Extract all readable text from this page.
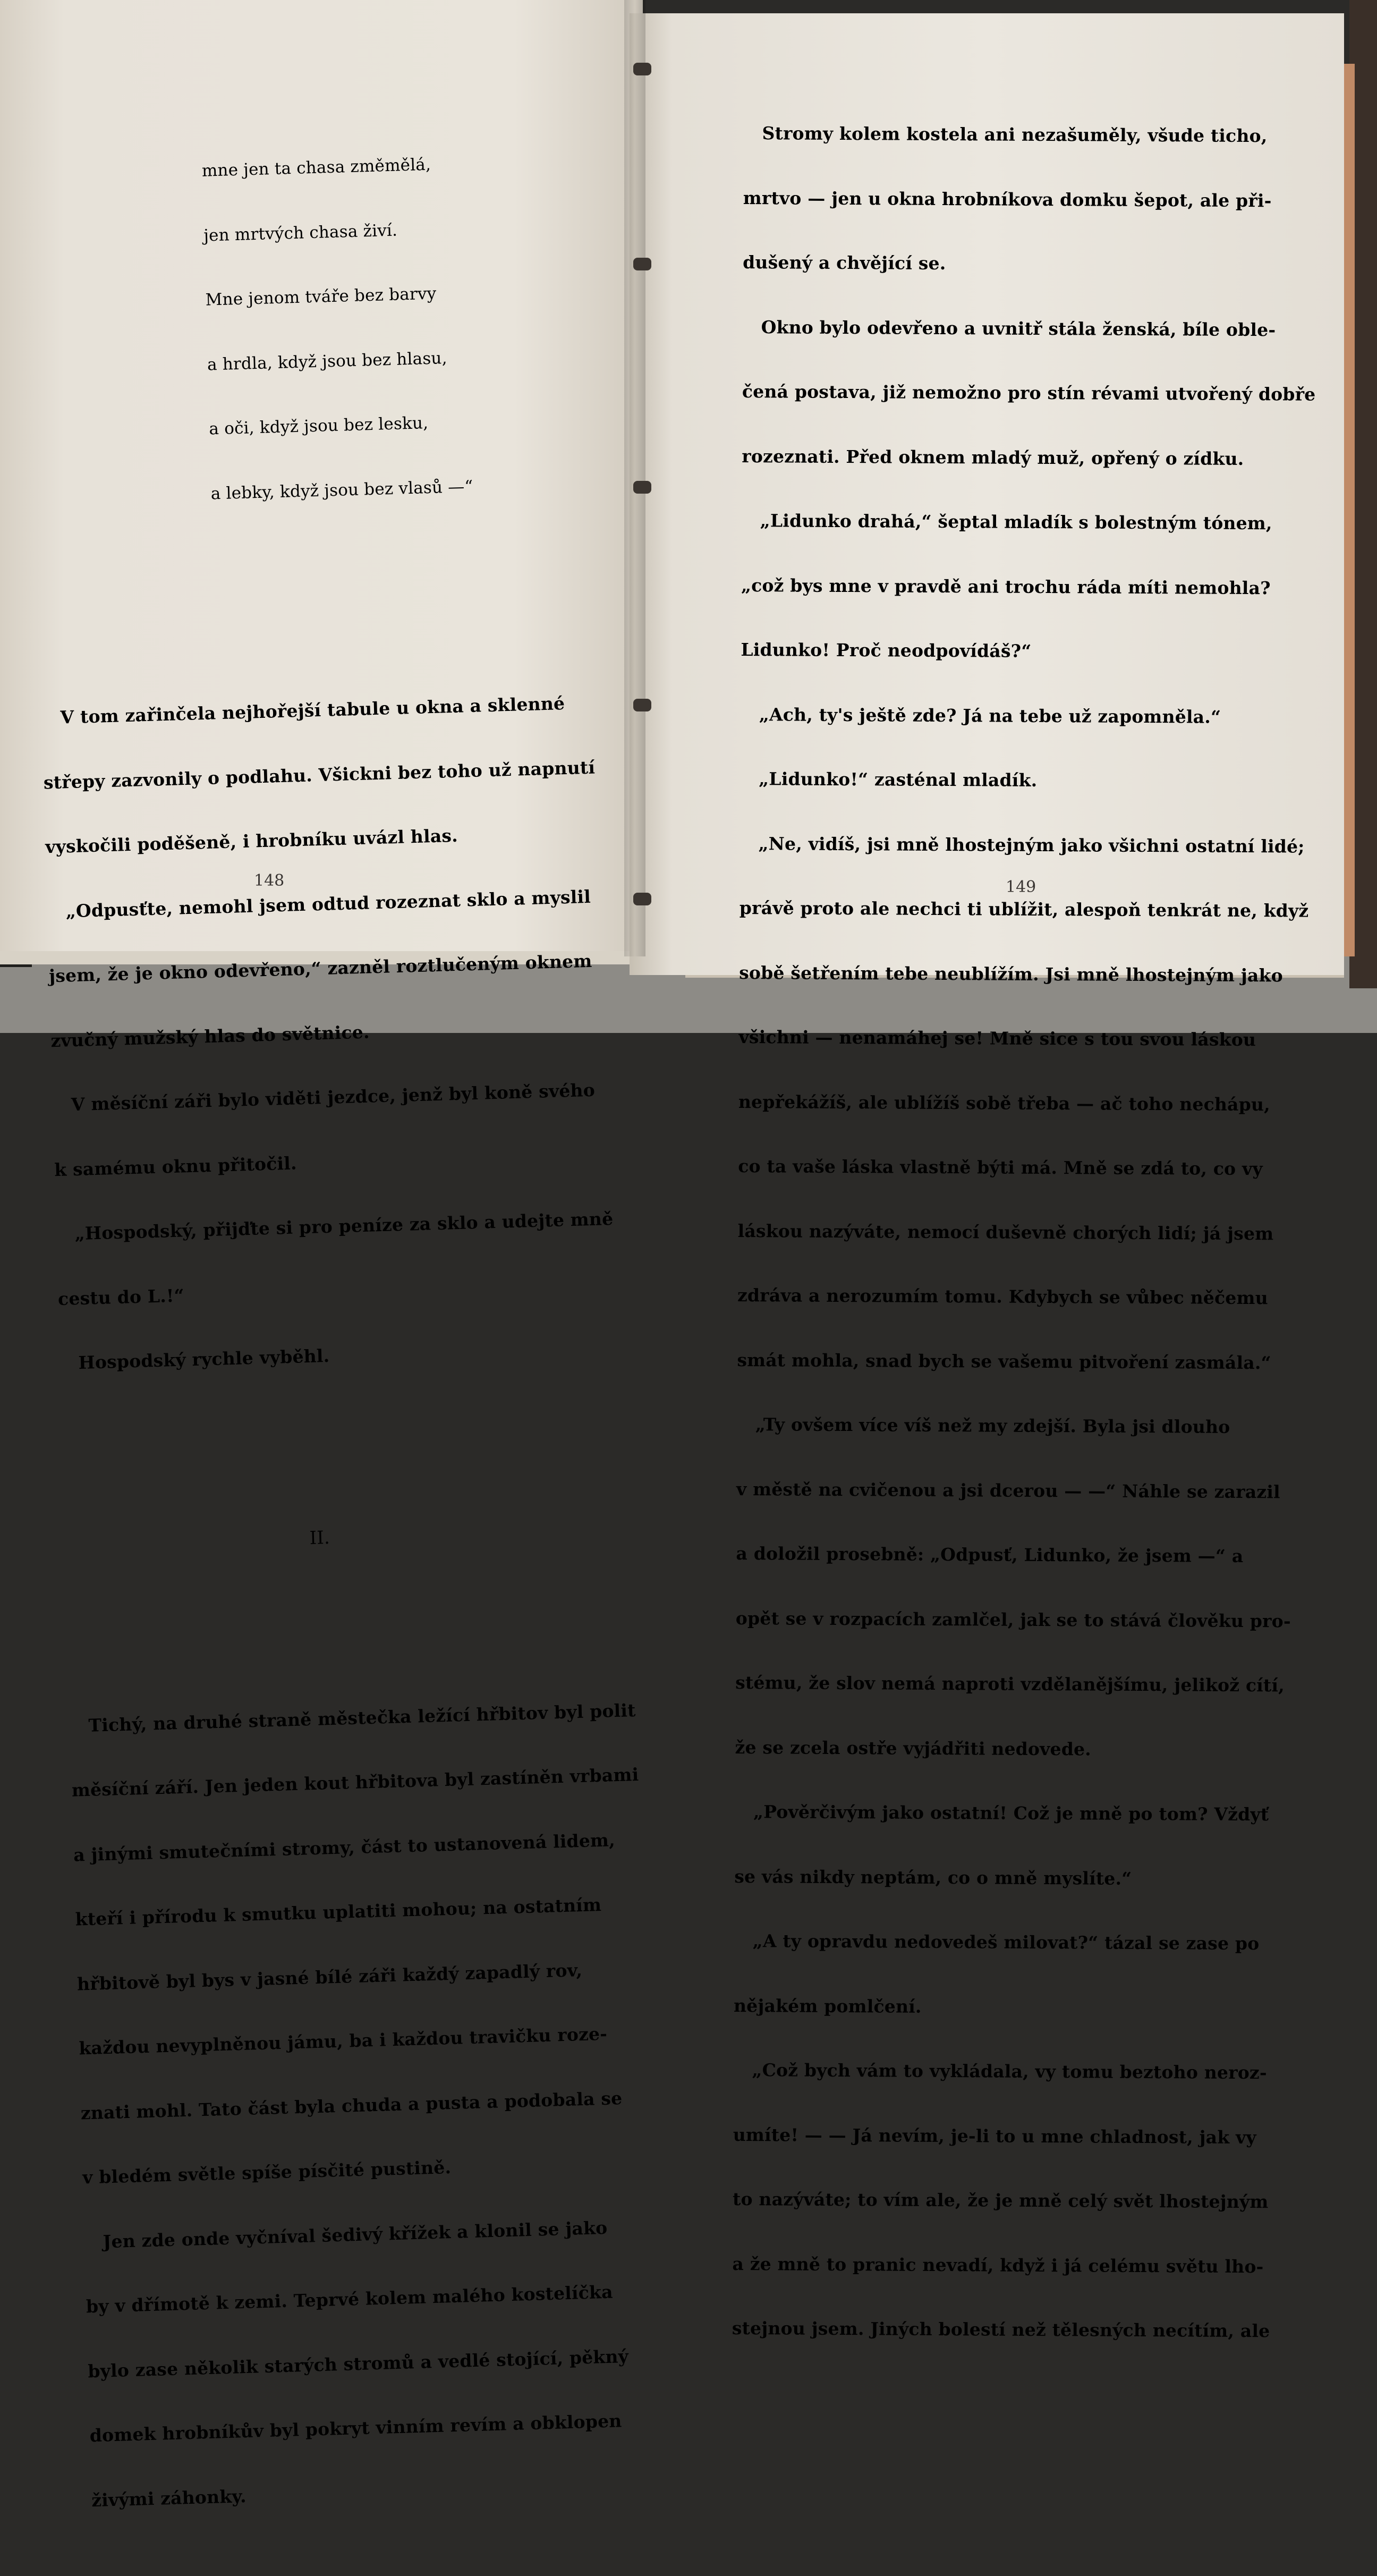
mne jen ta chasa změmělá,

jen mrtvých chasa živí.

Mne jenom tváře bez barvy

a hrdla, když jsou bez hlasu,

a oči, když jsou bez lesku,

a lebky, když jsou bez vlasů —“

V tom zařinčela nejhořejší tabule u okna a sklenné

střepy zazvonily o podlahu. Všickni bez toho už napnutí

vyskočili poděšeně, i hrobníku uvázl hlas.

„Odpusťte, nemohl jsem odtud rozeznat sklo a myslil

jsem, že je okno odevřeno,“ zazněl roztlučeným oknem

zvučný mužský hlas do světnice.

V měsíční záři bylo viděti jezdce, jenž byl koně svého

k samému oknu přitočil.

„Hospodský, přijďte si pro peníze za sklo a udejte mně

cestu do L.!“

Hospodský rychle vyběhl.

II.

Tichý, na druhé straně městečka ležící hřbitov byl polit

měsíční září. Jen jeden kout hřbitova byl zastíněn vrbami

a jinými smutečními stromy, část to ustanovená lidem,

kteří i přírodu k smutku uplatiti mohou; na ostatním

hřbitově byl bys v jasné bílé záři každý zapadlý rov,

každou nevyplněnou jámu, ba i každou travičku roze-

znati mohl. Tato část byla chuda a pusta a podobala se

v bledém světle spíše písčité pustině.

Jen zde onde vyčníval šedivý křížek a klonil se jako

by v dřímotě k zemi. Teprvé kolem malého kostelíčka

bylo zase několik starých stromů a vedlé stojící, pěkný

domek hrobníkův byl pokryt vinním revím a obklopen

živými záhonky.

148

Stromy kolem kostela ani nezašuměly, všude ticho,

mrtvo — jen u okna hrobníkova domku šepot, ale při-

dušený a chvějící se.

Okno bylo odevřeno a uvnitř stála ženská, bíle oble-

čená postava, již nemožno pro stín révami utvořený dobře

rozeznati. Před oknem mladý muž, opřený o zídku.

„Lidunko drahá,“ šeptal mladík s bolestným tónem,

„což bys mne v pravdě ani trochu ráda míti nemohla?

Lidunko! Proč neodpovídáš?“

„Ach, ty's ještě zde? Já na tebe už zapomněla.“

„Lidunko!“ zasténal mladík.

„Ne, vidíš, jsi mně lhostejným jako všichni ostatní lidé;

právě proto ale nechci ti ublížit, alespoň tenkrát ne, když

sobě šetřením tebe neublížím. Jsi mně lhostejným jako

všichni — nenamáhej se! Mně sice s tou svou láskou

nepřekážíš, ale ublížíš sobě třeba — ač toho nechápu,

co ta vaše láska vlastně býti má. Mně se zdá to, co vy

láskou nazýváte, nemocí duševně chorých lidí; já jsem

zdráva a nerozumím tomu. Kdybych se vůbec něčemu

smát mohla, snad bych se vašemu pitvoření zasmála.“

„Ty ovšem více víš než my zdejší. Byla jsi dlouho

v městě na cvičenou a jsi dcerou — —“ Náhle se zarazil

a doložil prosebně: „Odpusť, Lidunko, že jsem —“ a

opět se v rozpacích zamlčel, jak se to stává člověku pro-

stému, že slov nemá naproti vzdělanějšímu, jelikož cítí,

že se zcela ostře vyjádřiti nedovede.

„Pověrčivým jako ostatní! Což je mně po tom? Vždyť

se vás nikdy neptám, co o mně myslíte.“

„A ty opravdu nedovedeš milovat?“ tázal se zase po

nějakém pomlčení.

„Což bych vám to vykládala, vy tomu beztoho neroz-

umíte! — — Já nevím, je-li to u mne chladnost, jak vy

to nazýváte; to vím ale, že je mně celý svět lhostejným

a že mně to pranic nevadí, když i já celému světu lho-

stejnou jsem. Jiných bolestí než tělesných necítím, ale

149
